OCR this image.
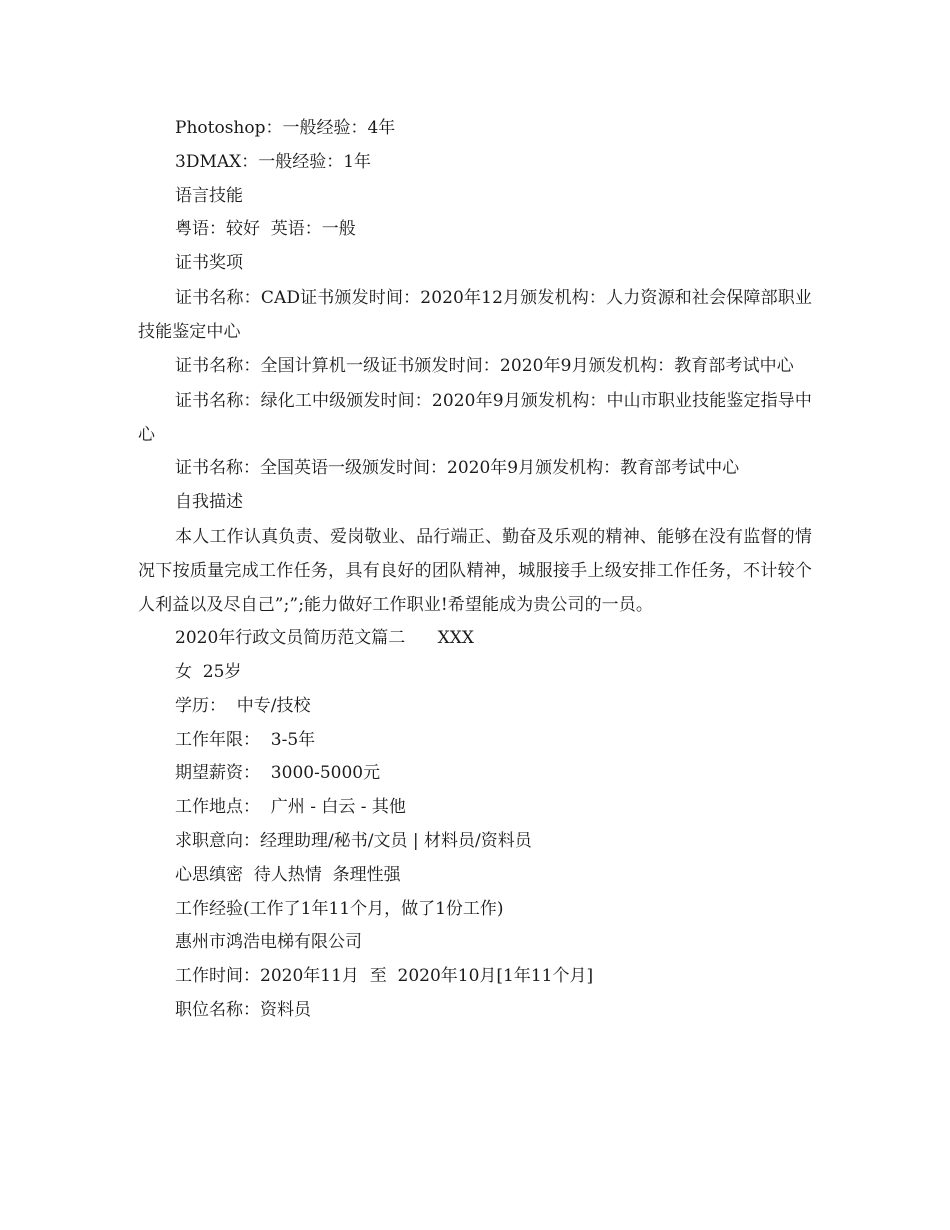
Photoshop：一般经验：4年

3DMAX：一般经验：1年

语言技能

粤语：较好  英语：一般

证书奖项

证书名称：CAD证书颁发时间：2020年12月颁发机构：人力资源和社会保障部职业技能鉴定中心

证书名称：全国计算机一级证书颁发时间：2020年9月颁发机构：教育部考试中心

证书名称：绿化工中级颁发时间：2020年9月颁发机构：中山市职业技能鉴定指导中心

证书名称：全国英语一级颁发时间：2020年9月颁发机构：教育部考试中心

自我描述

本人工作认真负责、爱岗敬业、品行端正、勤奋及乐观的精神、能够在没有监督的情况下按质量完成工作任务，具有良好的团队精神，城服接手上级安排工作任务，不计较个人利益以及尽自己”;”;能力做好工作职业!希望能成为贵公司的一员。

2020年行政文员简历范文篇二      XXX

女  25岁

学历：  中专/技校

工作年限：  3-5年

期望薪资：  3000-5000元

工作地点：  广州 - 白云 - 其他

求职意向：经理助理/秘书/文员 | 材料员/资料员

心思缜密  待人热情  条理性强

工作经验(工作了1年11个月，做了1份工作)

惠州市鸿浩电梯有限公司

工作时间：2020年11月  至  2020年10月[1年11个月]

职位名称：资料员
